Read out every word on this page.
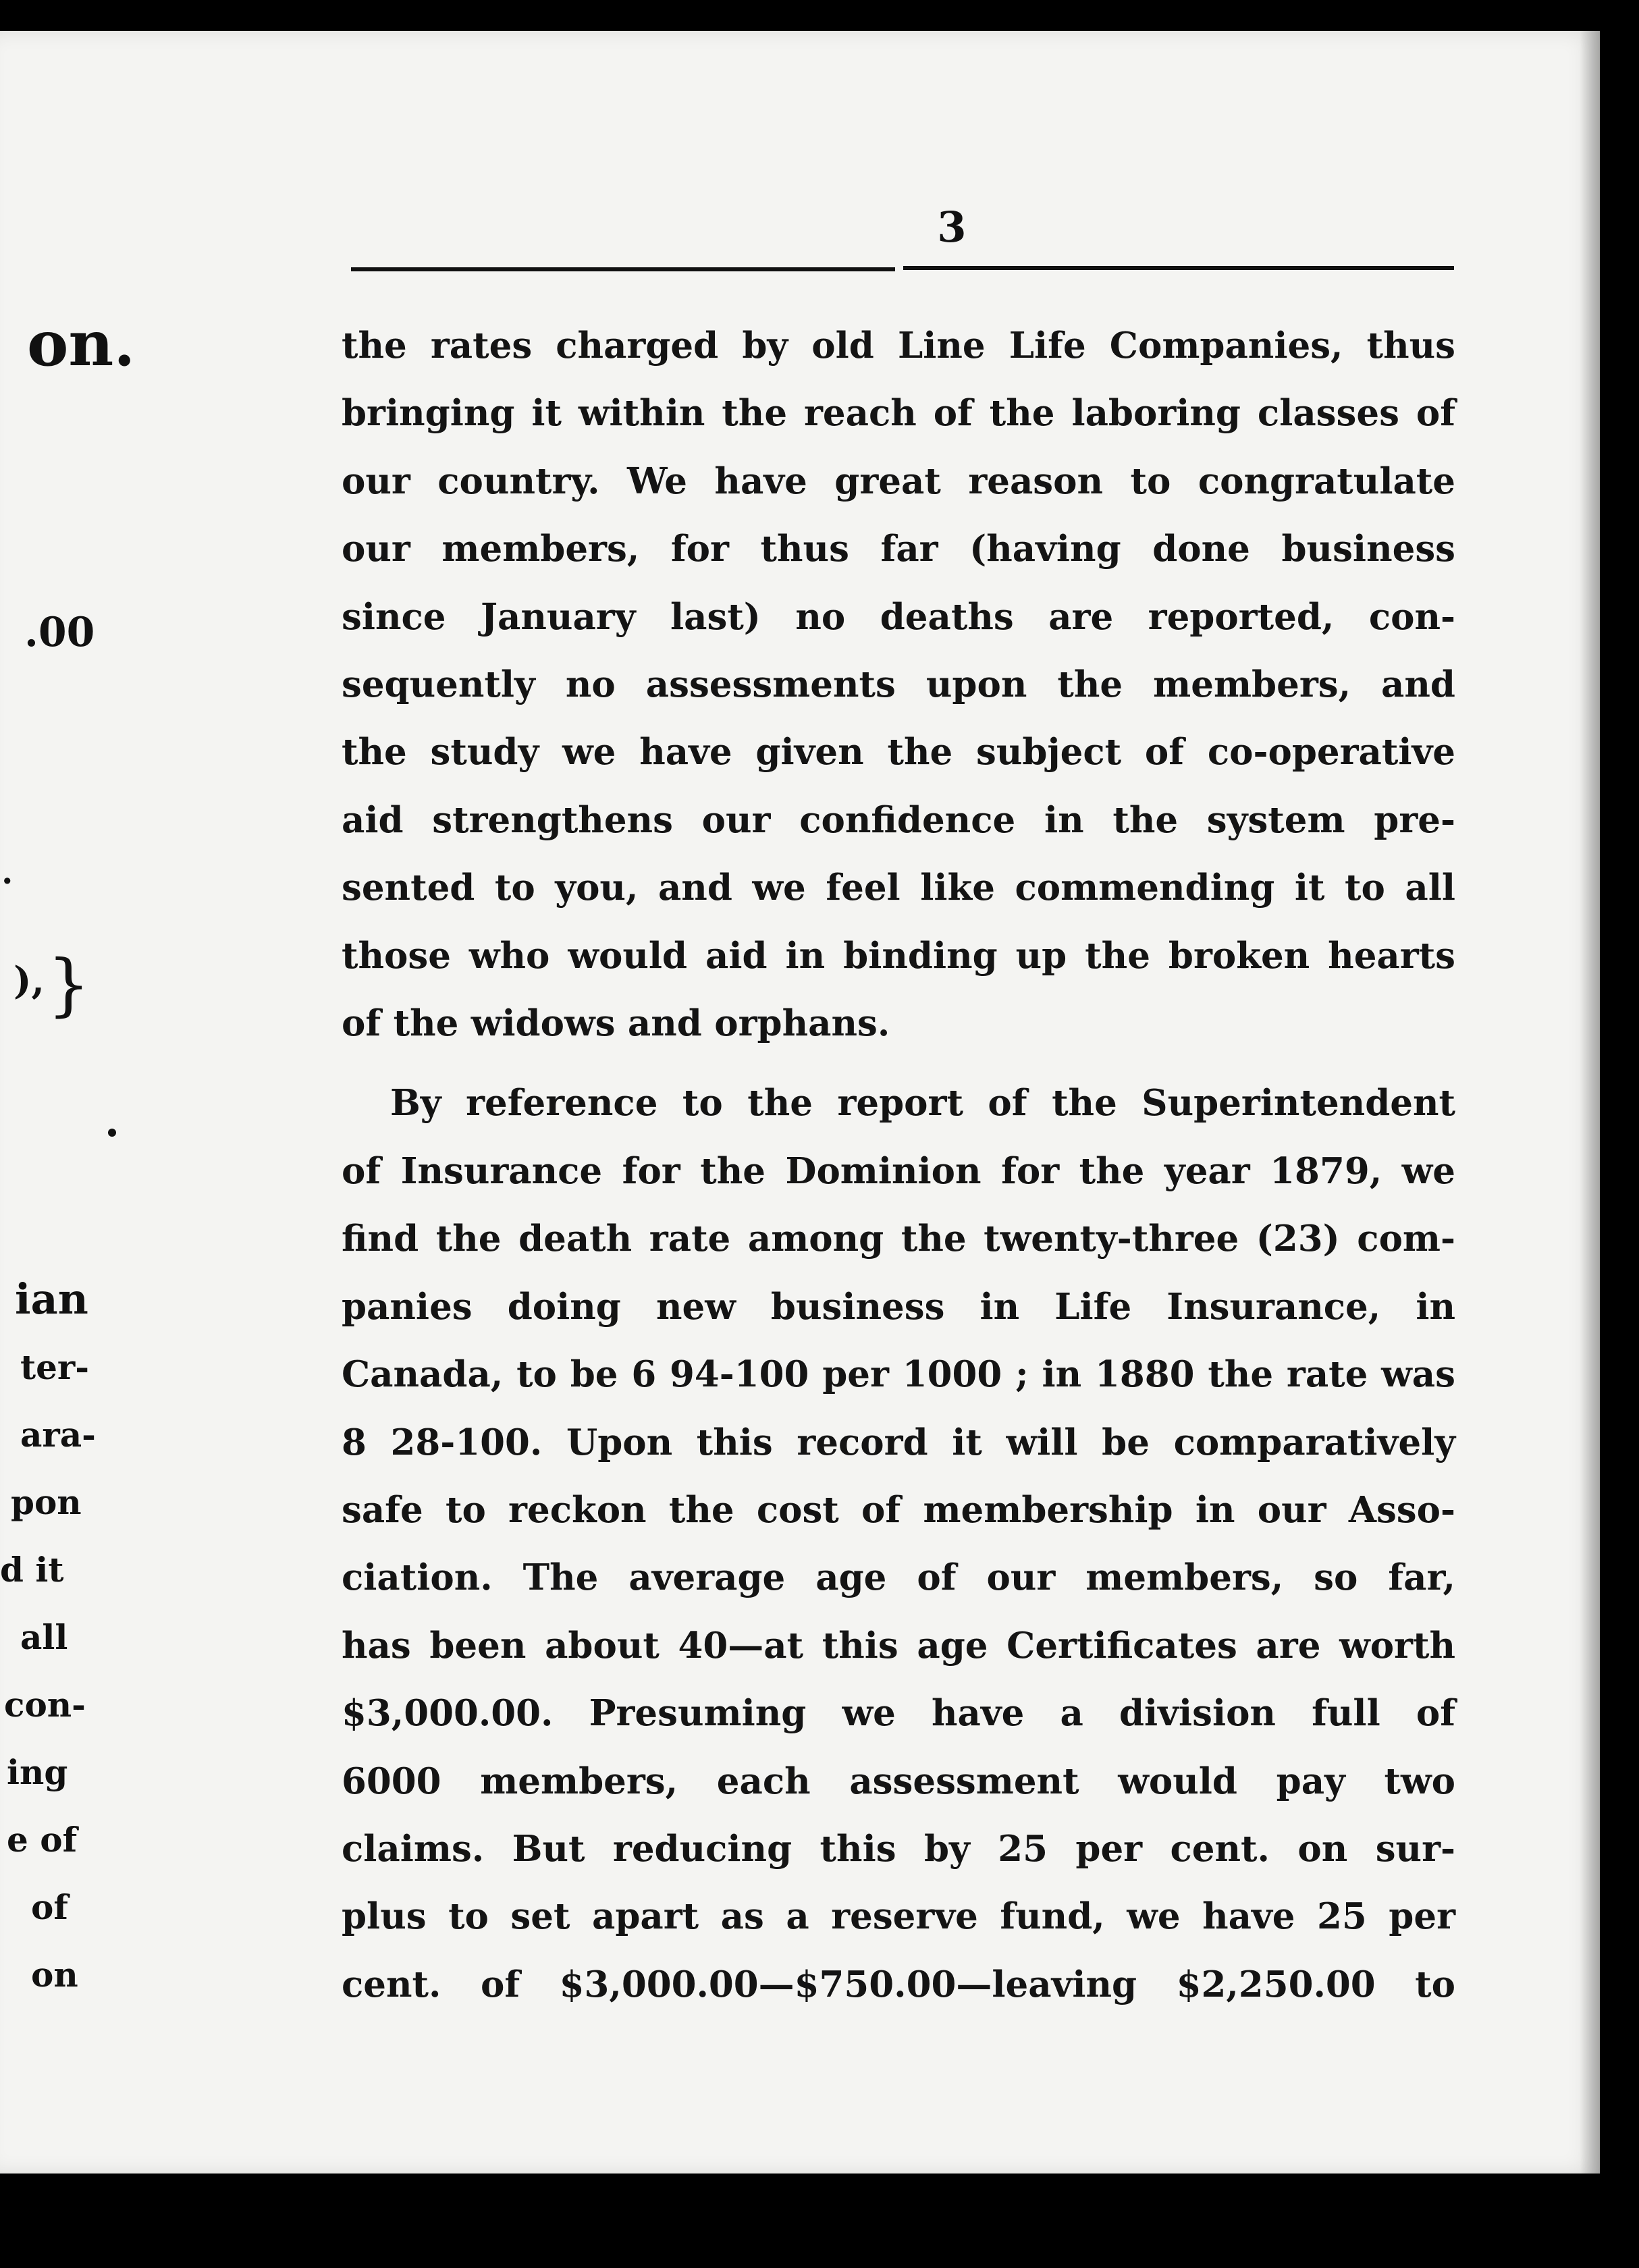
on.
.00
.
), }
ian
ter-
ara-
pon
d it
all
con-
ing
e of
of
on
3

the rates charged by old Line Life Companies, thus
bringing it within the reach of the laboring classes of
our country. We have great reason to congratulate
our members, for thus far (having done business
since January last) no deaths are reported, con-
sequently no assessments upon the members, and
the study we have given the subject of co-operative
aid strengthens our confidence in the system pre-
sented to you, and we feel like commending it to all
those who would aid in binding up the broken hearts
of the widows and orphans.

By reference to the report of the Superintendent
of Insurance for the Dominion for the year 1879, we
find the death rate among the twenty-three (23) com-
panies doing new business in Life Insurance, in
Canada, to be 6 94-100 per 1000 ; in 1880 the rate was
8 28-100. Upon this record it will be comparatively
safe to reckon the cost of membership in our Asso-
ciation. The average age of our members, so far,
has been about 40—at this age Certificates are worth
$3,000.00. Presuming we have a division full of
6000 members, each assessment would pay two
claims. But reducing this by 25 per cent. on sur-
plus to set apart as a reserve fund, we have 25 per
cent. of $3,000.00—$750.00—leaving $2,250.00 to
